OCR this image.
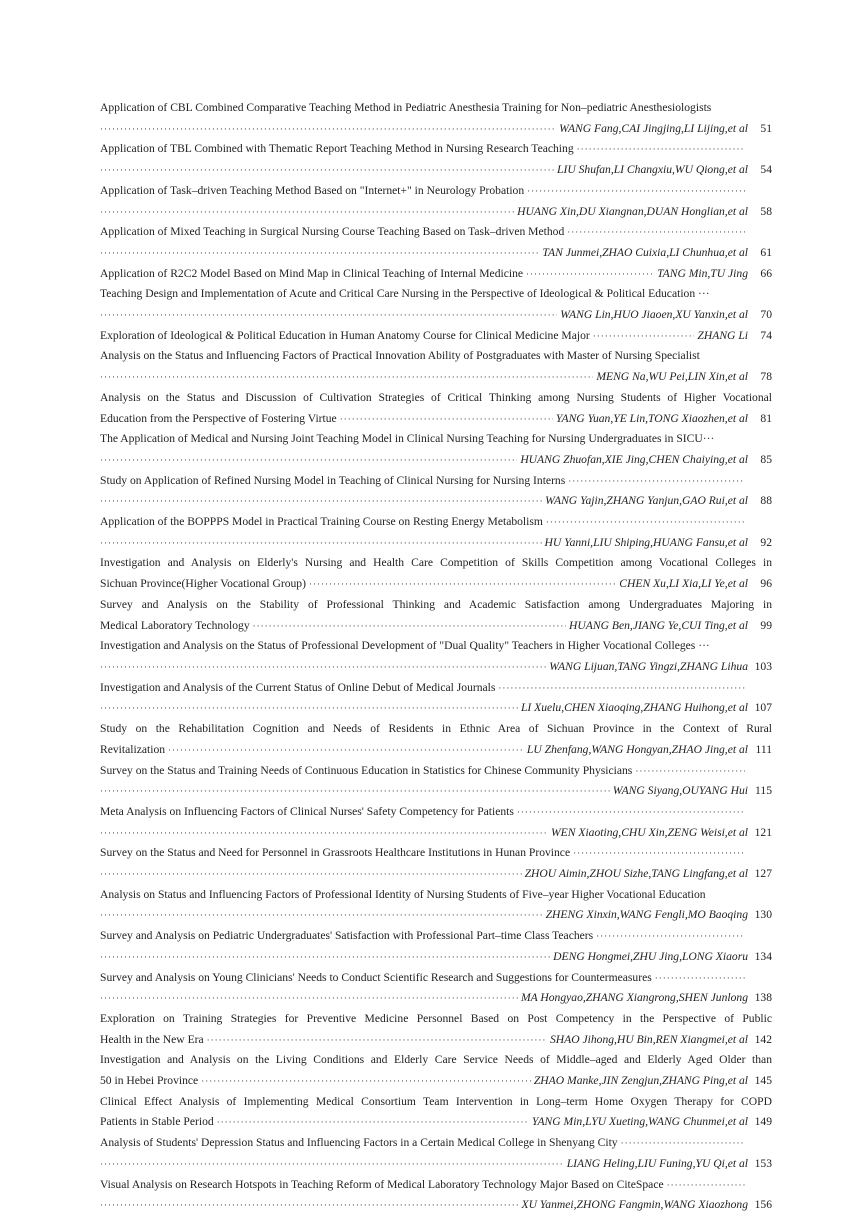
Application of CBL Combined Comparative Teaching Method in Pediatric Anesthesia Training for Non–pediatric Anesthesiologists
·····
WANG Fang,CAI Jingjing,LI Lijing,et al	51
Application of TBL Combined with Thematic Report Teaching Method in Nursing Research Teaching
·····
·····
LIU Shufan,LI Changxiu,WU Qiong,et al	54
Application of Task–driven Teaching Method Based on "Internet+" in Neurology Probation
·····
·····
HUANG Xin,DU Xiangnan,DUAN Honglian,et al	58
Application of Mixed Teaching in Surgical Nursing Course Teaching Based on Task–driven Method
·····
·····
TAN Junmei,ZHAO Cuixia,LI Chunhua,et al	61
Application of R2C2 Model Based on Mind Map in Clinical Teaching of Internal Medicine ·····	TANG Min,TU Jing	66
Teaching Design and Implementation of Acute and Critical Care Nursing in the Perspective of Ideological & Political Education ···
·····
WANG Lin,HUO Jiaoen,XU Yanxin,et al	70
Exploration of Ideological & Political Education in Human Anatomy Course for Clinical Medicine Major ·····	ZHANG Li	74
Analysis on the Status and Influencing Factors of Practical Innovation Ability of Postgraduates with Master of Nursing Specialist
·····
MENG Na,WU Pei,LIN Xin,et al	78
Analysis on the Status and Discussion of Cultivation Strategies of Critical Thinking among Nursing Students of Higher Vocational
Education from the Perspective of Fostering Virtue ·····	YANG Yuan,YE Lin,TONG Xiaozhen,et al	81
The Application of Medical and Nursing Joint Teaching Model in Clinical Nursing Teaching for Nursing Undergraduates in SICU···
·····
HUANG Zhuofan,XIE Jing,CHEN Chaiying,et al	85
Study on Application of Refined Nursing Model in Teaching of Clinical Nursing for Nursing Interns
·····
·····
WANG Yajin,ZHANG Yanjun,GAO Rui,et al	88
Application of the BOPPPS Model in Practical Training Course on Resting Energy Metabolism
·····
·····
HU Yanni,LIU Shiping,HUANG Fansu,et al	92
Investigation and Analysis on Elderly's Nursing and Health Care Competition of Skills Competition among Vocational Colleges in
Sichuan Province(Higher Vocational Group) ·····	CHEN Xu,LI Xia,LI Ye,et al	96
Survey and Analysis on the Stability of Professional Thinking and Academic Satisfaction among Undergraduates Majoring in
Medical Laboratory Technology ·····	HUANG Ben,JIANG Ye,CUI Ting,et al	99
Investigation and Analysis on the Status of Professional Development of "Dual Quality" Teachers in Higher Vocational Colleges ···
·····
WANG Lijuan,TANG Yingzi,ZHANG Lihua 103
Investigation and Analysis of the Current Status of Online Debut of Medical Journals
·····
·····
LI Xuelu,CHEN Xiaoqing,ZHANG Huihong,et al 107
Study on the Rehabilitation Cognition and Needs of Residents in Ethnic Area of Sichuan Province in the Context of Rural
Revitalization ·····	LU Zhenfang,WANG Hongyan,ZHAO Jing,et al 111
Survey on the Status and Training Needs of Continuous Education in Statistics for Chinese Community Physicians
·····
·····
WANG Siyang,OUYANG Hui 115
Meta Analysis on Influencing Factors of Clinical Nurses' Safety Competency for Patients
·····
·····
WEN Xiaoting,CHU Xin,ZENG Weisi,et al 121
Survey on the Status and Need for Personnel in Grassroots Healthcare Institutions in Hunan Province
·····
·····
ZHOU Aimin,ZHOU Sizhe,TANG Lingfang,et al 127
Analysis on Status and Influencing Factors of Professional Identity of Nursing Students of Five–year Higher Vocational Education
·····
ZHENG Xinxin,WANG Fengli,MO Baoqing 130
Survey and Analysis on Pediatric Undergraduates' Satisfaction with Professional Part–time Class Teachers
·····
·····
DENG Hongmei,ZHU Jing,LONG Xiaoru 134
Survey and Analysis on Young Clinicians' Needs to Conduct Scientific Research and Suggestions for Countermeasures
·····
·····
MA Hongyao,ZHANG Xiangrong,SHEN Junlong 138
Exploration on Training Strategies for Preventive Medicine Personnel Based on Post Competency in the Perspective of Public
Health in the New Era ·····	SHAO Jihong,HU Bin,REN Xiangmei,et al 142
Investigation and Analysis on the Living Conditions and Elderly Care Service Needs of Middle–aged and Elderly Aged Older than
50 in Hebei Province ·····	ZHAO Manke,JIN Zengjun,ZHANG Ping,et al 145
Clinical Effect Analysis of Implementing Medical Consortium Team Intervention in Long–term Home Oxygen Therapy for COPD
Patients in Stable Period ·····	YANG Min,LYU Xueting,WANG Chunmei,et al 149
Analysis of Students' Depression Status and Influencing Factors in a Certain Medical College in Shenyang City
·····
·····
LIANG Heling,LIU Funing,YU Qi,et al 153
Visual Analysis on Research Hotspots in Teaching Reform of Medical Laboratory Technology Major Based on CiteSpace
·····
·····
XU Yanmei,ZHONG Fangmin,WANG Xiaozhong 156
